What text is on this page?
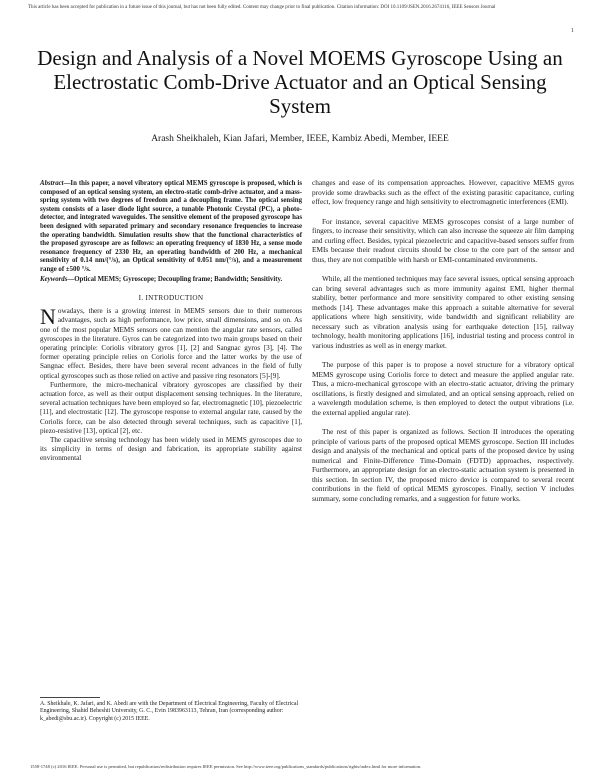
This article has been accepted for publication in a future issue of this journal, but has not been fully edited. Content may change prior to final publication. Citation information: DOI 10.1109/JSEN.2016.2674116, IEEE Sensors Journal
1
Design and Analysis of a Novel MOEMS Gyroscope Using an Electrostatic Comb-Drive Actuator and an Optical Sensing System
Arash Sheikhaleh, Kian Jafari, Member, IEEE, Kambiz Abedi, Member, IEEE
Abstract—In this paper, a novel vibratory optical MEMS gyroscope is proposed, which is composed of an optical sensing system, an electro-static comb-drive actuator, and a mass-spring system with two degrees of freedom and a decoupling frame. The optical sensing system consists of a laser diode light source, a tunable Photonic Crystal (PC), a photo-detector, and integrated waveguides. The sensitive element of the proposed gyroscope has been designed with separated primary and secondary resonance frequencies to increase the operating bandwidth. Simulation results show that the functional characteristics of the proposed gyroscope are as follows: an operating frequency of 1830 Hz, a sense mode resonance frequency of 2330 Hz, an operating bandwidth of 200 Hz, a mechanical sensitivity of 0.14 nm/(°/s), an Optical sensitivity of 0.051 nm/(°/s), and a measurement range of ±500 °/s.
Keywords—Optical MEMS; Gyroscope; Decoupling frame; Bandwidth; Sensitivity.
I. INTRODUCTION

Nowadays, there is a growing interest in MEMS sensors due to their numerous advantages, such as high performance, low price, small dimensions, and so on. As one of the most popular MEMS sensors one can mention the angular rate sensors, called gyroscopes in the literature. Gyros can be categorized into two main groups based on their operating principle: Coriolis vibratory gyros [1], [2] and Sangnac gyros [3], [4]. The former operating principle relies on Coriolis force and the latter works by the use of Sangnac effect. Besides, there have been several recent advances in the field of fully optical gyroscopes such as those relied on active and passive ring resonators [5]-[9].

Furthermore, the micro-mechanical vibratory gyroscopes are classified by their actuation force, as well as their output displacement sensing techniques. In the literature, several actuation techniques have been employed so far, electromagnetic [10], piezoelectric [11], and electrostatic [12]. The gyroscope response to external angular rate, caused by the Coriolis force, can be also detected through several techniques, such as capacitive [1], piezo-resistive [13], optical [2], etc.

The capacitive sensing technology has been widely used in MEMS gyroscopes due to its simplicity in terms of design and fabrication, its appropriate stability against environmental

A. Sheikhale, K. Jafari, and K. Abedi are with the Department of Electrical Engineering, Faculty of Electrical Engineering, Shahid Beheshti University, G. C., Evin 1983963113, Tehran, Iran (corresponding author: k_abedi@sbu.ac.ir). Copyright (c) 2015 IEEE.

changes and ease of its compensation approaches. However, capacitive MEMS gyros provide some drawbacks such as the effect of the existing parasitic capacitance, curling effect, low frequency range and high sensitivity to electromagnetic interferences (EMI).

For instance, several capacitive MEMS gyroscopes consist of a large number of fingers, to increase their sensitivity, which can also increase the squeeze air film damping and curling effect. Besides, typical piezoelectric and capacitive-based sensors suffer from EMIs because their readout circuits should be close to the core part of the sensor and thus, they are not compatible with harsh or EMI-contaminated environments.

While, all the mentioned techniques may face several issues, optical sensing approach can bring several advantages such as more immunity against EMI, higher thermal stability, better performance and more sensitivity compared to other existing sensing methods [14]. These advantages make this approach a suitable alternative for several applications where high sensitivity, wide bandwidth and significant reliability are necessary such as vibration analysis using for earthquake detection [15], railway technology, health monitoring applications [16], industrial testing and process control in various industries as well as in energy market.

The purpose of this paper is to propose a novel structure for a vibratory optical MEMS gyroscope using Coriolis force to detect and measure the applied angular rate. Thus, a micro-mechanical gyroscope with an electro-static actuator, driving the primary oscillations, is firstly designed and simulated, and an optical sensing approach, relied on a wavelength modulation scheme, is then employed to detect the output vibrations (i.e. the external applied angular rate).

The rest of this paper is organized as follows. Section II introduces the operating principle of various parts of the proposed optical MEMS gyroscope. Section III includes design and analysis of the mechanical and optical parts of the proposed device by using numerical and Finite-Difference Time-Domain (FDTD) approaches, respectively. Furthermore, an appropriate design for an electro-static actuation system is presented in this section. In section IV, the proposed micro device is compared to several recent contributions in the field of optical MEMS gyroscopes. Finally, section V includes summary, some concluding remarks, and a suggestion for future works.

1558-1748 (c) 2016 IEEE. Personal use is permitted, but republication/redistribution requires IEEE permission. See http://www.ieee.org/publications_standards/publications/rights/index.html for more information.
